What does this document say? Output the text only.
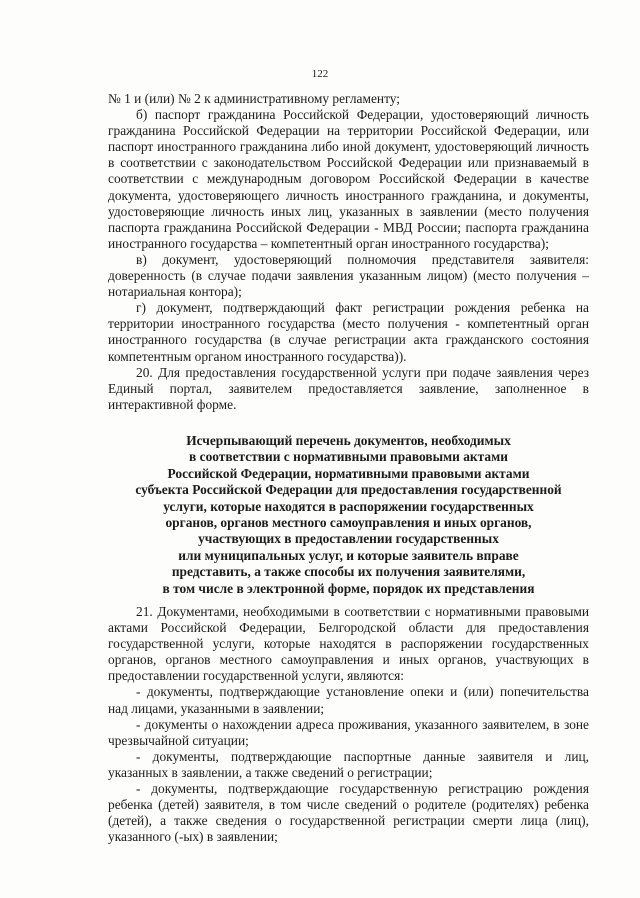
122

№ 1 и (или) № 2 к административному регламенту;

б) паспорт гражданина Российской Федерации, удостоверяющий личность гражданина Российской Федерации на территории Российской Федерации, или паспорт иностранного гражданина либо иной документ, удостоверяющий личность в соответствии с законодательством Российской Федерации или признаваемый в соответствии с международным договором Российской Федерации в качестве документа, удостоверяющего личность иностранного гражданина, и документы, удостоверяющие личность иных лиц, указанных в заявлении (место получения паспорта гражданина Российской Федерации - МВД России; паспорта гражданина иностранного государства – компетентный орган иностранного государства);

в) документ, удостоверяющий полномочия представителя заявителя: доверенность (в случае подачи заявления указанным лицом) (место получения – нотариальная контора);

г) документ, подтверждающий факт регистрации рождения ребенка на территории иностранного государства (место получения - компетентный орган иностранного государства (в случае регистрации акта гражданского состояния компетентным органом иностранного государства)).

20. Для предоставления государственной услуги при подаче заявления через Единый портал, заявителем предоставляется заявление, заполненное в интерактивной форме.

Исчерпывающий перечень документов, необходимых
в соответствии с нормативными правовыми актами
Российской Федерации, нормативными правовыми актами
субъекта Российской Федерации для предоставления государственной
услуги, которые находятся в распоряжении государственных
органов, органов местного самоуправления и иных органов,
участвующих в предоставлении государственных
или муниципальных услуг, и которые заявитель вправе
представить, а также способы их получения заявителями,
в том числе в электронной форме, порядок их представления

21. Документами, необходимыми в соответствии с нормативными правовыми актами Российской Федерации, Белгородской области для предоставления государственной услуги, которые находятся в распоряжении государственных органов, органов местного самоуправления и иных органов, участвующих в предоставлении государственной услуги, являются:

- документы, подтверждающие установление опеки и (или) попечительства над лицами, указанными в заявлении;

- документы о нахождении адреса проживания, указанного заявителем, в зоне чрезвычайной ситуации;

- документы, подтверждающие паспортные данные заявителя и лиц, указанных в заявлении, а также сведений о регистрации;

- документы, подтверждающие государственную регистрацию рождения ребенка (детей) заявителя, в том числе сведений о родителе (родителях) ребенка (детей), а также сведения о государственной регистрации смерти лица (лиц), указанного (-ых) в заявлении;
